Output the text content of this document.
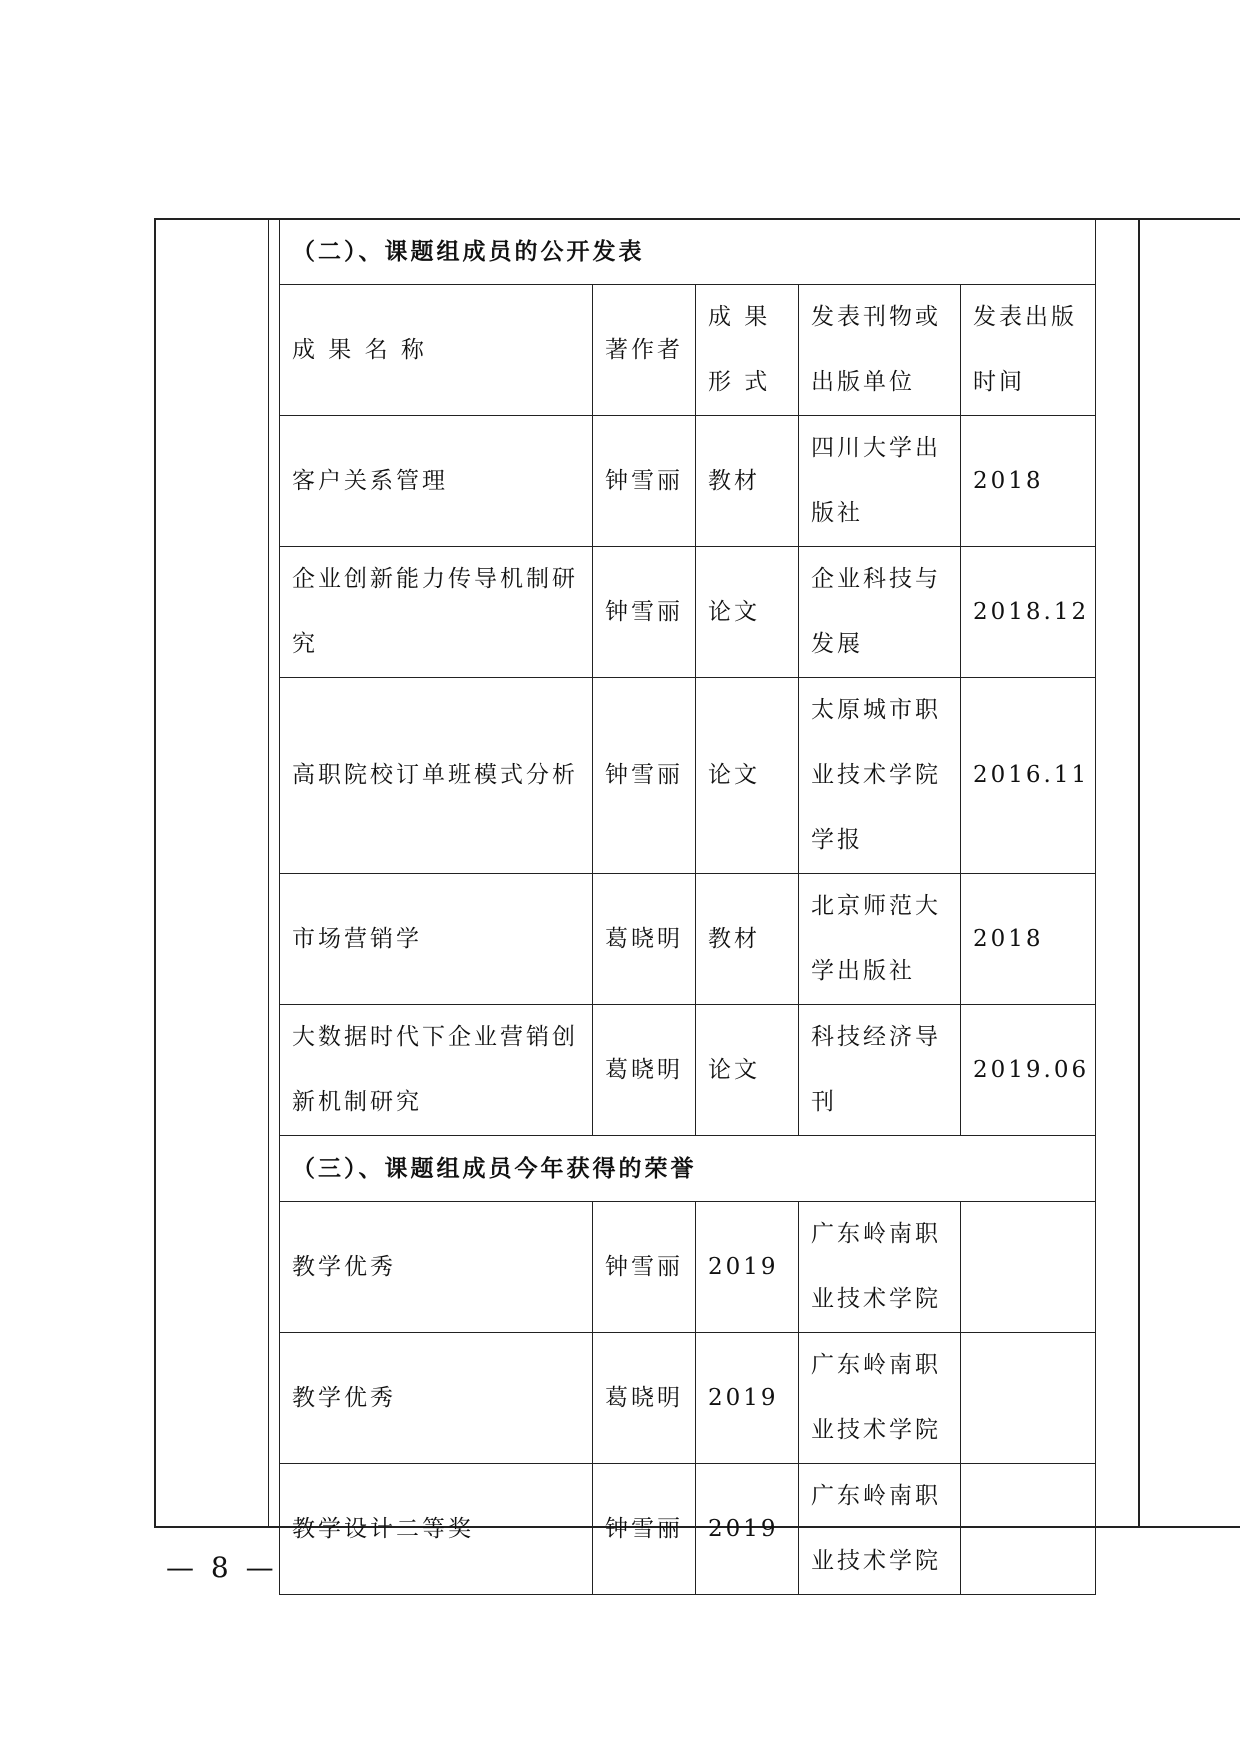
（二）、课题组成员的公开发表				
成 果 名 称	著作者	成 果 形 式	发表刊物或出版单位	发表出版时间
客户关系管理	钟雪丽	教材	四川大学出版社	2018
企业创新能力传导机制研究	钟雪丽	论文	企业科技与发展	2018.12
高职院校订单班模式分析	钟雪丽	论文	太原城市职业技术学院学报	2016.11
市场营销学	葛晓明	教材	北京师范大学出版社	2018
大数据时代下企业营销创新机制研究	葛晓明	论文	科技经济导刊	2019.06
（三）、课题组成员今年获得的荣誉				
教学优秀	钟雪丽	2019	广东岭南职业技术学院	
教学优秀	葛晓明	2019	广东岭南职业技术学院	
教学设计二等奖	钟雪丽	2019	广东岭南职业技术学院	
— 8 —
